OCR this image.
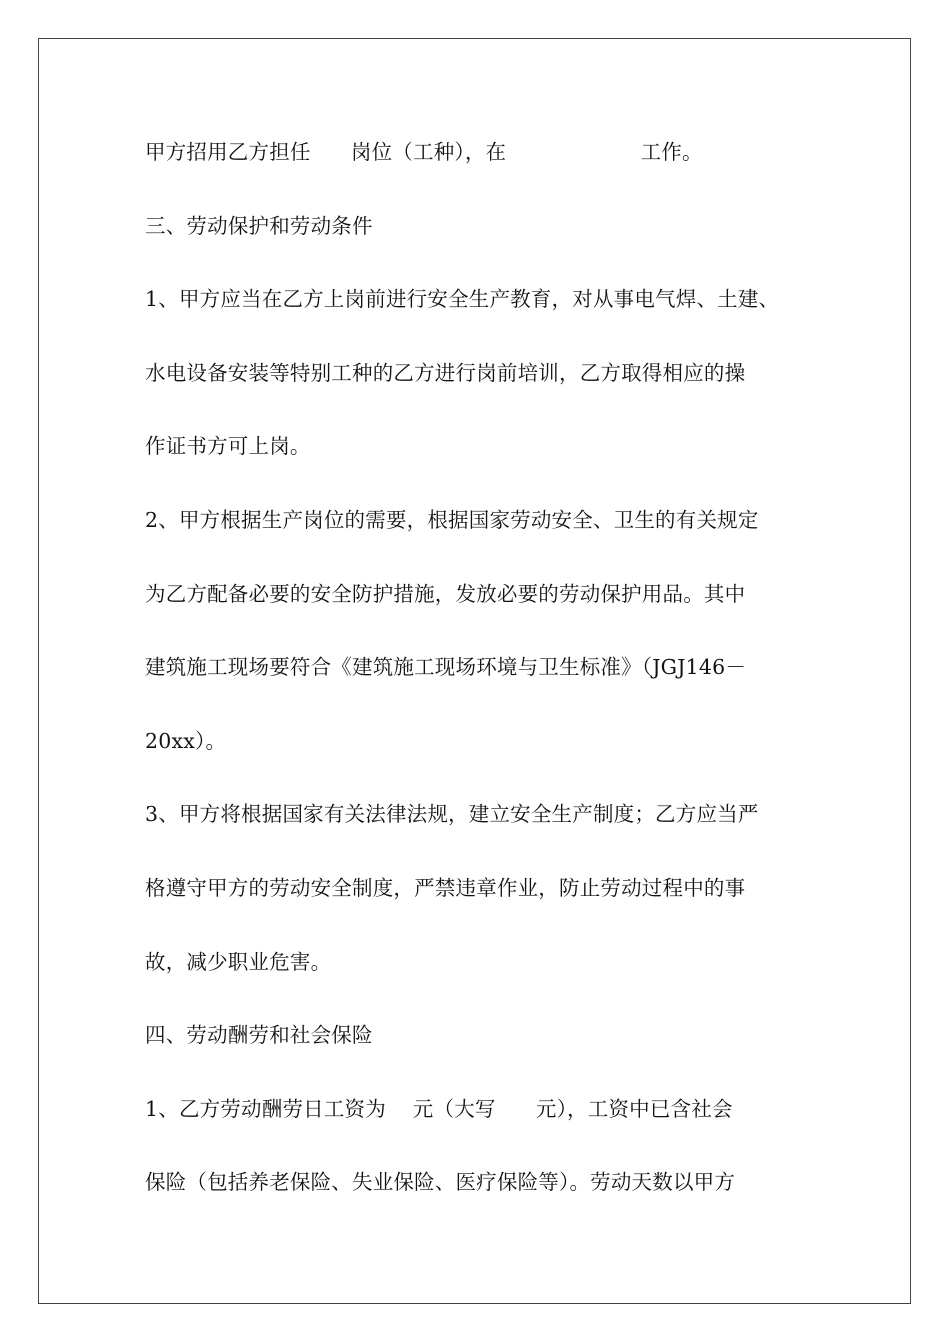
甲方招用乙方担任      岗位（工种），在                    工作。
三、劳动保护和劳动条件
1、甲方应当在乙方上岗前进行安全生产教育，对从事电气焊、土建、
水电设备安装等特别工种的乙方进行岗前培训，乙方取得相应的操
作证书方可上岗。
2、甲方根据生产岗位的需要，根据国家劳动安全、卫生的有关规定
为乙方配备必要的安全防护措施，发放必要的劳动保护用品。其中
建筑施工现场要符合《建筑施工现场环境与卫生标准》（JGJ146－
20xx）。
3、甲方将根据国家有关法律法规，建立安全生产制度；乙方应当严
格遵守甲方的劳动安全制度，严禁违章作业，防止劳动过程中的事
故，减少职业危害。
四、劳动酬劳和社会保险
1、乙方劳动酬劳日工资为    元（大写      元），工资中已含社会
保险（包括养老保险、失业保险、医疗保险等）。劳动天数以甲方
